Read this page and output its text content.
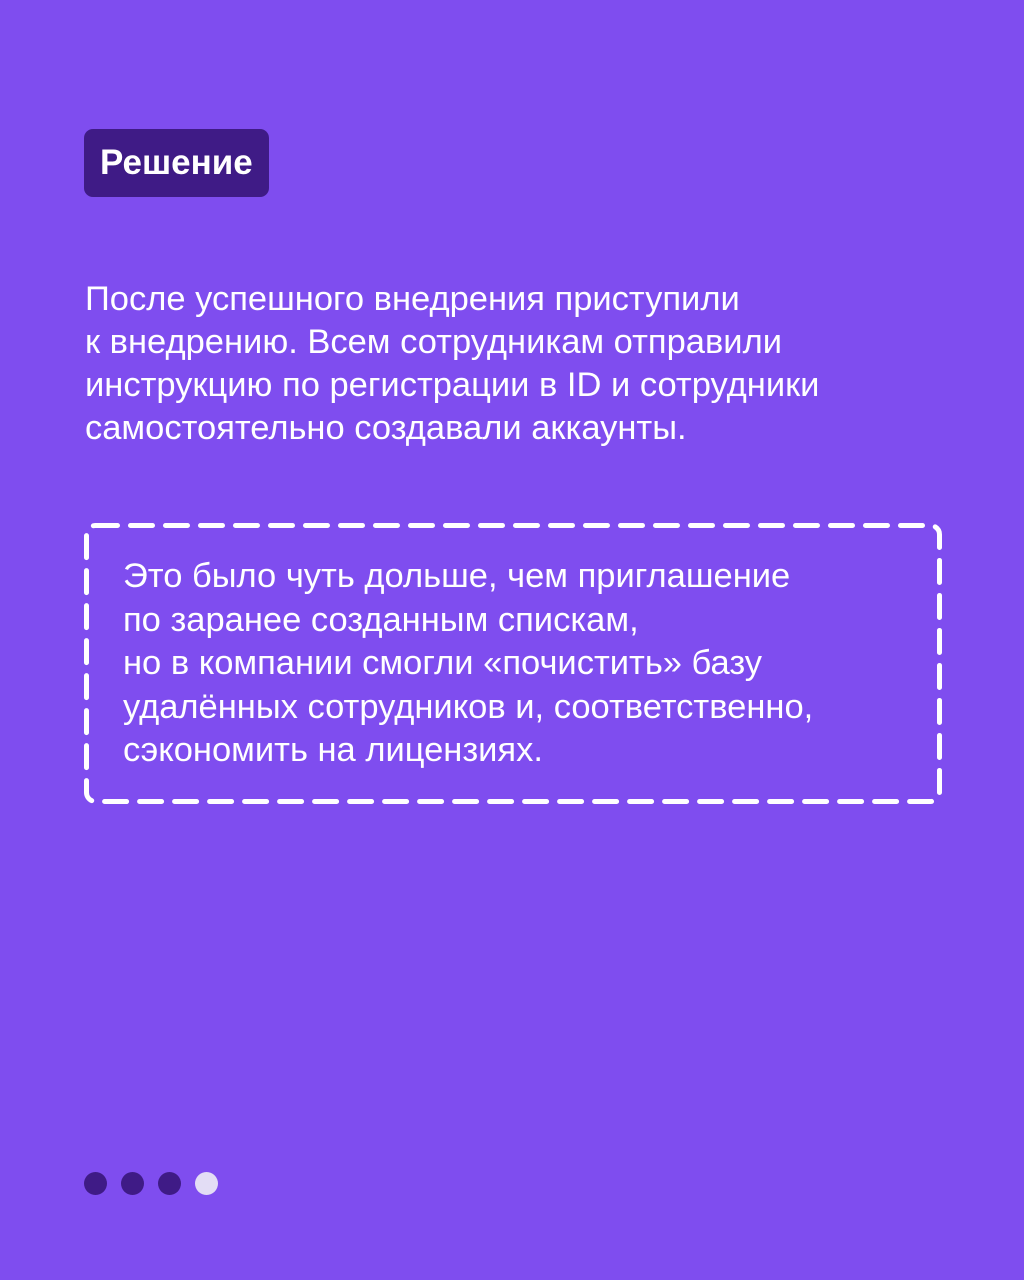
Решение
После успешного внедрения приступили
к внедрению. Всем сотрудникам отправили
инструкцию по регистрации в ID и сотрудники
самостоятельно создавали аккаунты.
Это было чуть дольше, чем приглашение
по заранее созданным спискам,
но в компании смогли «почистить» базу
удалённых сотрудников и, соответственно,
сэкономить на лицензиях.
